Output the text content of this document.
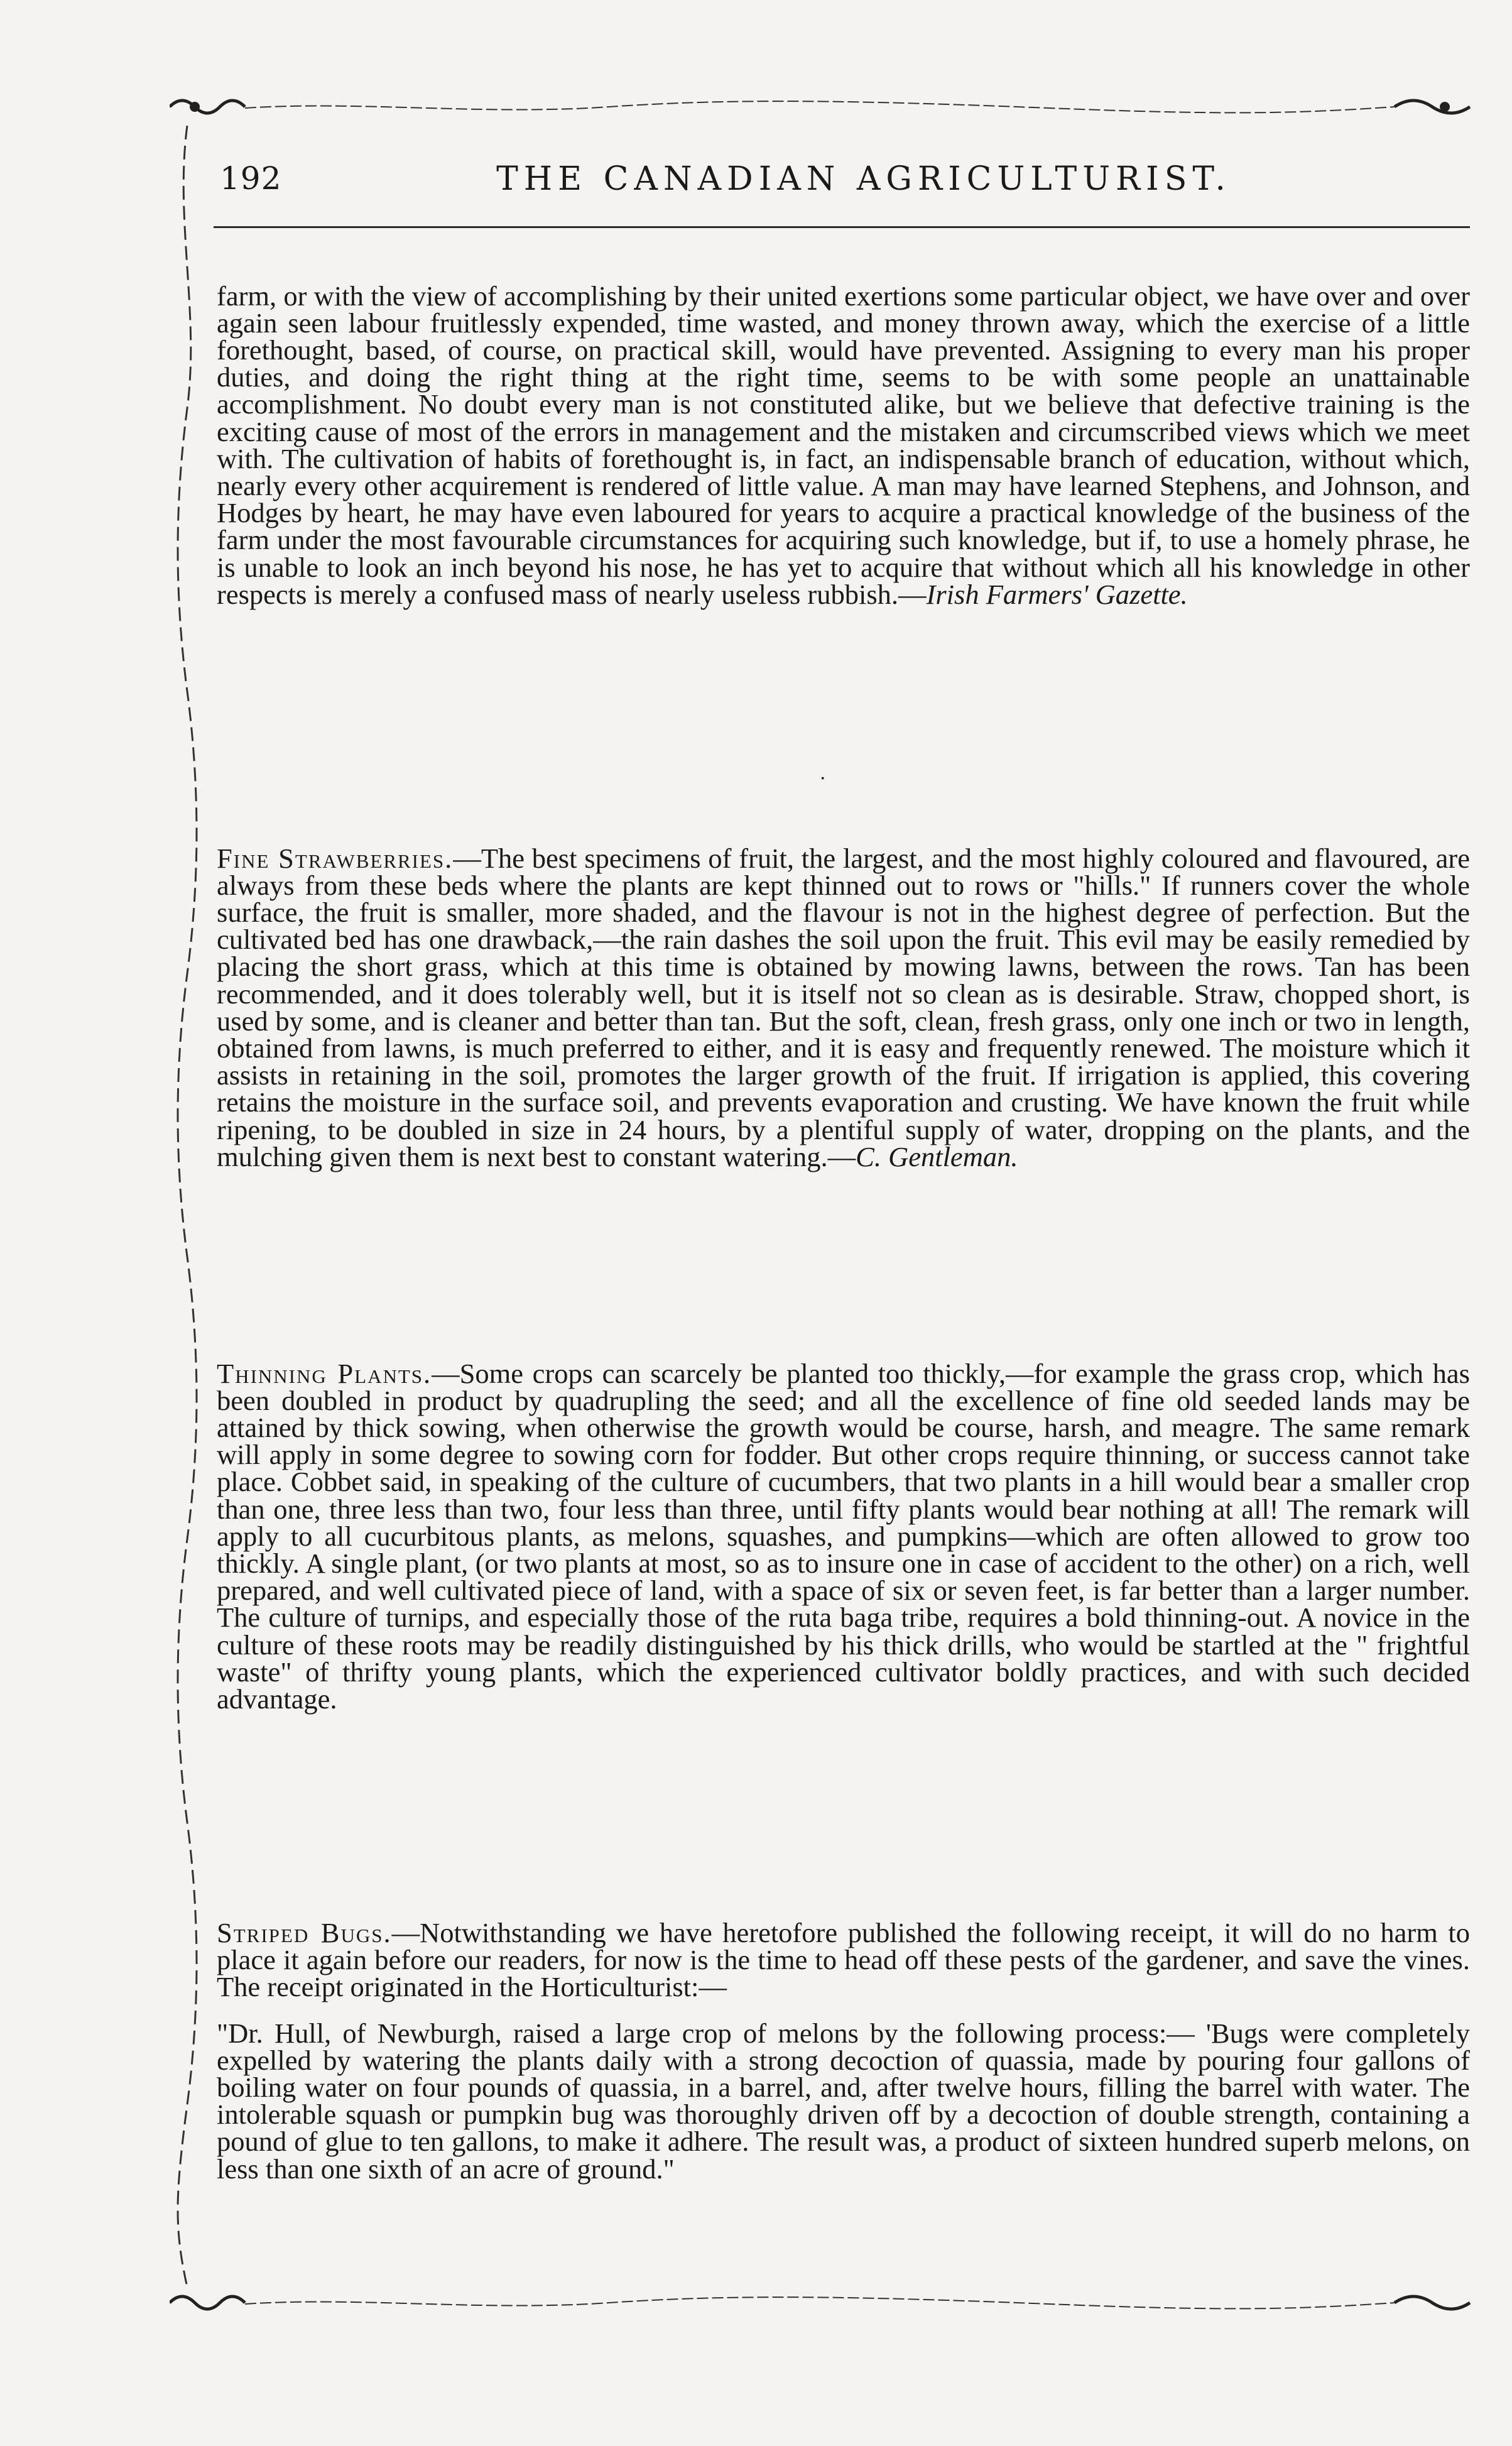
192	THE CANADIAN AGRICULTURIST.

farm, or with the view of accomplishing by their united exertions some particular object, we have over and over again seen labour fruitlessly expended, time wasted, and money thrown away, which the exercise of a little forethought, based, of course, on practical skill, would have prevented. Assigning to every man his proper duties, and doing the right thing at the right time, seems to be with some people an unattainable accomplishment. No doubt every man is not constituted alike, but we believe that defective training is the exciting cause of most of the errors in management and the mistaken and circumscribed views which we meet with. The cultivation of habits of forethought is, in fact, an indispensable branch of education, without which, nearly every other acquirement is rendered of little value. A man may have learned Stephens, and Johnson, and Hodges by heart, he may have even laboured for years to acquire a practical knowledge of the business of the farm under the most favourable circumstances for acquiring such knowledge, but if, to use a homely phrase, he is unable to look an inch beyond his nose, he has yet to acquire that without which all his knowledge in other respects is merely a confused mass of nearly useless rubbish.—Irish Farmers' Gazette.

·

Fine Strawberries.—The best specimens of fruit, the largest, and the most highly coloured and flavoured, are always from these beds where the plants are kept thinned out to rows or "hills." If runners cover the whole surface, the fruit is smaller, more shaded, and the flavour is not in the highest degree of perfection. But the cultivated bed has one drawback,—the rain dashes the soil upon the fruit. This evil may be easily remedied by placing the short grass, which at this time is obtained by mowing lawns, between the rows. Tan has been recommended, and it does tolerably well, but it is itself not so clean as is desirable. Straw, chopped short, is used by some, and is cleaner and better than tan. But the soft, clean, fresh grass, only one inch or two in length, obtained from lawns, is much preferred to either, and it is easy and frequently renewed. The moisture which it assists in retaining in the soil, promotes the larger growth of the fruit. If irrigation is applied, this covering retains the moisture in the surface soil, and prevents evaporation and crusting. We have known the fruit while ripening, to be doubled in size in 24 hours, by a plentiful supply of water, dropping on the plants, and the mulching given them is next best to constant watering.—C. Gentleman.

Thinning Plants.—Some crops can scarcely be planted too thickly,—for example the grass crop, which has been doubled in product by quadrupling the seed; and all the excellence of fine old seeded lands may be attained by thick sowing, when otherwise the growth would be course, harsh, and meagre. The same remark will apply in some degree to sowing corn for fodder. But other crops require thinning, or success cannot take place. Cobbet said, in speaking of the culture of cucumbers, that two plants in a hill would bear a smaller crop than one, three less than two, four less than three, until fifty plants would bear nothing at all! The remark will apply to all cucurbitous plants, as melons, squashes, and pumpkins—which are often allowed to grow too thickly. A single plant, (or two plants at most, so as to insure one in case of accident to the other) on a rich, well prepared, and well cultivated piece of land, with a space of six or seven feet, is far better than a larger number. The culture of turnips, and especially those of the ruta baga tribe, requires a bold thinning-out. A novice in the culture of these roots may be readily distinguished by his thick drills, who would be startled at the " frightful waste" of thrifty young plants, which the experienced cultivator boldly practices, and with such decided advantage.

Striped Bugs.—Notwithstanding we have heretofore published the following receipt, it will do no harm to place it again before our readers, for now is the time to head off these pests of the gardener, and save the vines. The receipt originated in the Horticulturist:—

"Dr. Hull, of Newburgh, raised a large crop of melons by the following process:— 'Bugs were completely expelled by watering the plants daily with a strong decoction of quassia, made by pouring four gallons of boiling water on four pounds of quassia, in a barrel, and, after twelve hours, filling the barrel with water. The intolerable squash or pumpkin bug was thoroughly driven off by a decoction of double strength, containing a pound of glue to ten gallons, to make it adhere. The result was, a product of sixteen hundred superb melons, on less than one sixth of an acre of ground."
